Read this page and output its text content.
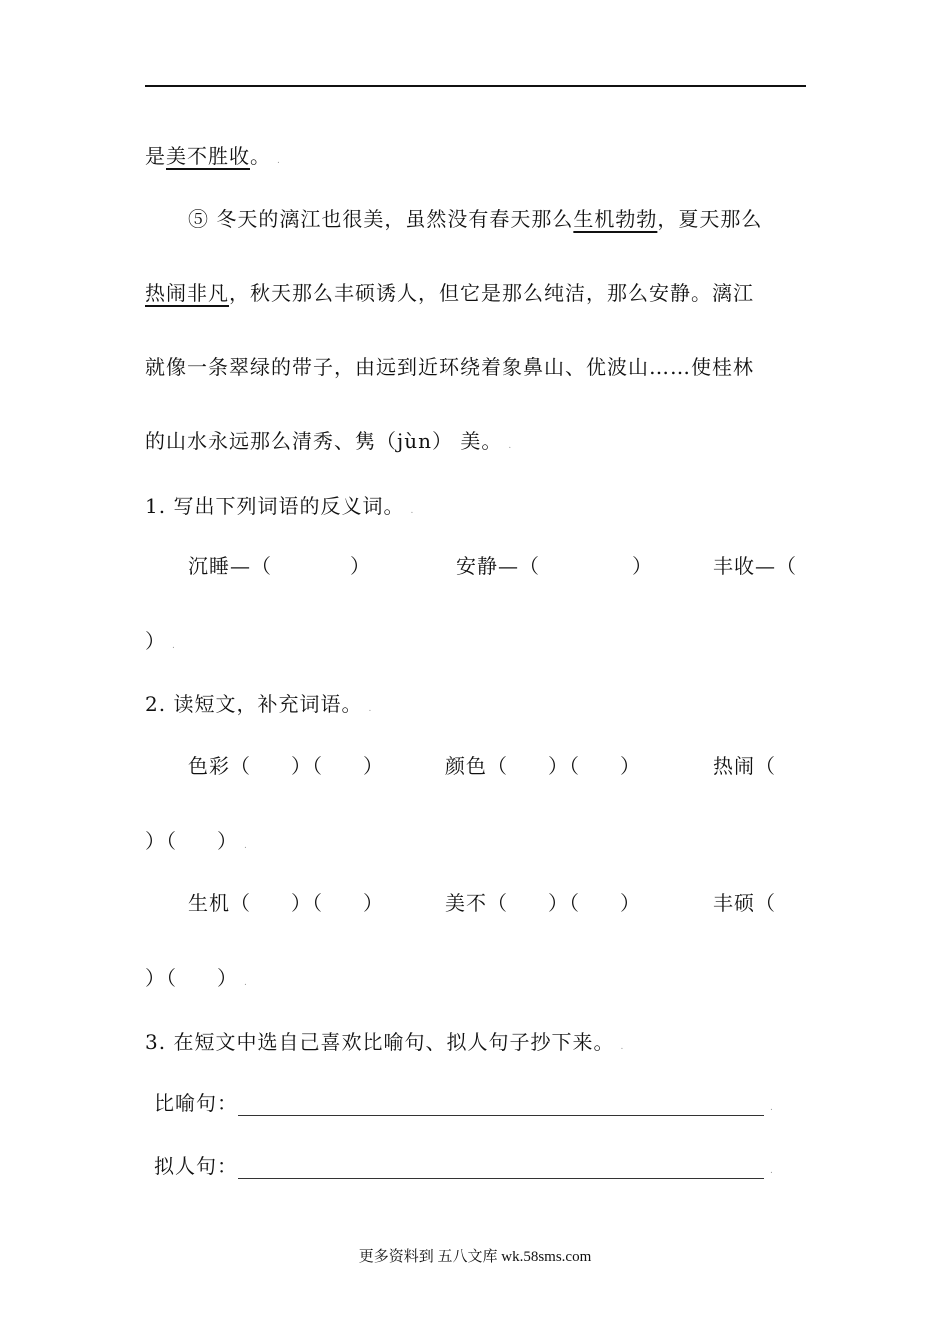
是美不胜收。 .
⑤ 冬天的漓江也很美，虽然没有春天那么生机勃勃，夏天那么
热闹非凡，秋天那么丰硕诱人，但它是那么纯洁，那么安静。漓江
就像一条翠绿的带子，由远到近环绕着象鼻山、优波山……使桂林
的山水永远那么清秀、隽（jùn） 美。 .
1. 写出下列词语的反义词。 .
沉睡—（	）	安静—（	）	丰收—（
） .
2. 读短文，补充词语。 .
色彩（ ）（ ）	颜色（ ）（ ）	热闹（
）（ ） .
生机（ ）（ ）	美不（ ）（ ）	丰硕（
）（ ） .
3. 在短文中选自己喜欢比喻句、拟人句子抄下来。 .
比喻句：	.
拟人句：	.
更多资料到 五八文库 wk.58sms.com
